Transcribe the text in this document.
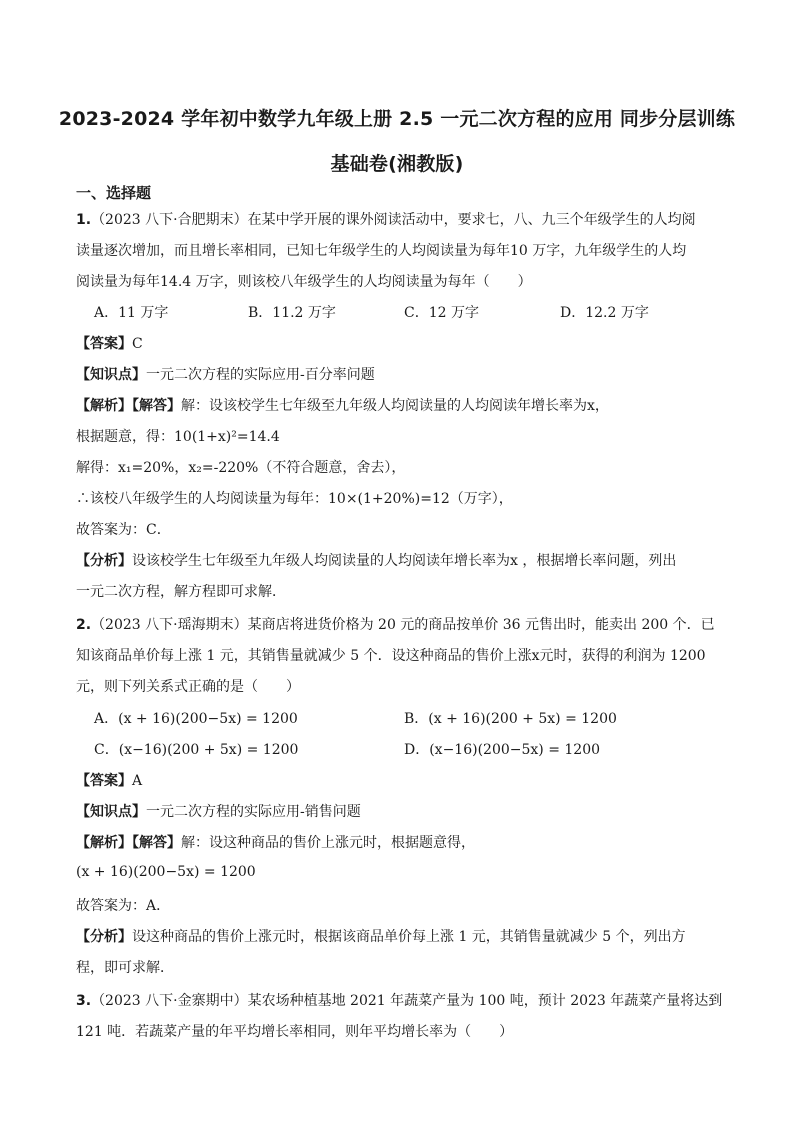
2023-2024 学年初中数学九年级上册 2.5 一元二次方程的应用 同步分层训练
基础卷(湘教版)
一、选择题
1.（2023 八下·合肥期末）在某中学开展的课外阅读活动中，要求七，八、九三个年级学生的人均阅
读量逐次增加，而且增长率相同，已知七年级学生的人均阅读量为每年10 万字，九年级学生的人均
阅读量为每年14.4 万字，则该校八年级学生的人均阅读量为每年（　　）
A．11 万字	B．11.2 万字	C．12 万字	D．12.2 万字
【答案】C
【知识点】一元二次方程的实际应用-百分率问题
【解析】【解答】解：设该校学生七年级至九年级人均阅读量的人均阅读年增长率为x，
根据题意，得：10(1+x)²=14.4
解得：x₁=20%，x₂=-220%（不符合题意，舍去），
∴该校八年级学生的人均阅读量为每年：10×(1+20%)=12（万字），
故答案为：C．
【分析】设该校学生七年级至九年级人均阅读量的人均阅读年增长率为x ，根据增长率问题，列出
一元二次方程，解方程即可求解．
2.（2023 八下·瑶海期末）某商店将进货价格为 20 元的商品按单价 36 元售出时，能卖出 200 个．已
知该商品单价每上涨 1 元，其销售量就减少 5 个．设这种商品的售价上涨x元时，获得的利润为 1200
元，则下列关系式正确的是（　　）
A．(x + 16)(200−5x) = 1200	B．(x + 16)(200 + 5x) = 1200
C．(x−16)(200 + 5x) = 1200	D．(x−16)(200−5x) = 1200
【答案】A
【知识点】一元二次方程的实际应用-销售问题
【解析】【解答】解：设这种商品的售价上涨元时，根据题意得，
(x + 16)(200−5x) = 1200
故答案为：A．
【分析】设这种商品的售价上涨元时，根据该商品单价每上涨 1 元，其销售量就减少 5 个，列出方
程，即可求解．
3.（2023 八下·金寨期中）某农场种植基地 2021 年蔬菜产量为 100 吨，预计 2023 年蔬菜产量将达到
121 吨．若蔬菜产量的年平均增长率相同，则年平均增长率为（　　）
